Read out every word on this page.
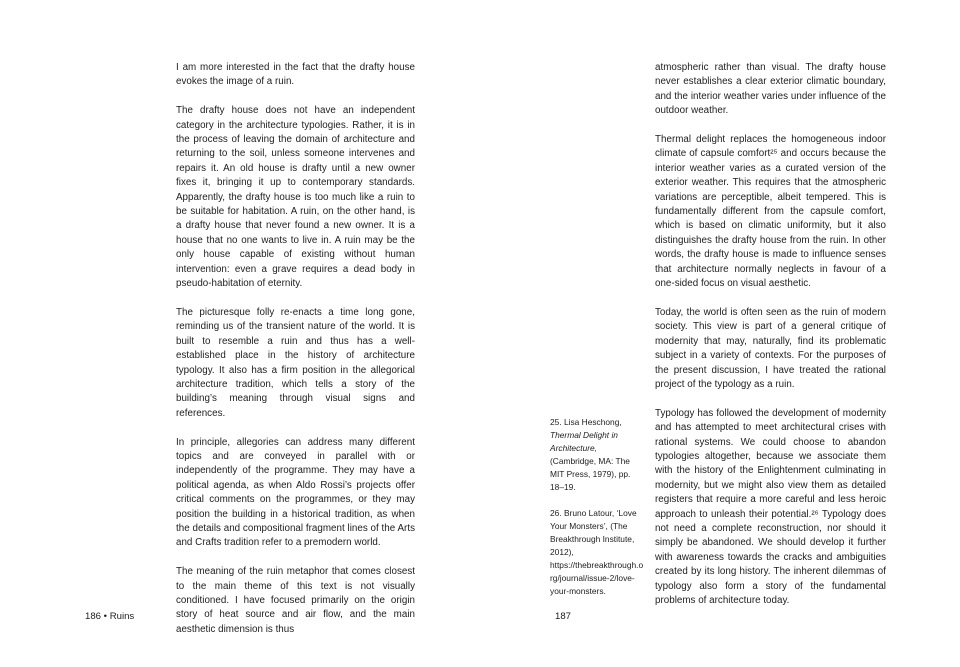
I am more interested in the fact that the drafty house evokes the image of a ruin.

The drafty house does not have an independent category in the architecture typologies. Rather, it is in the process of leaving the domain of architecture and returning to the soil, unless someone intervenes and repairs it. An old house is drafty until a new owner fixes it, bringing it up to contemporary standards. Apparently, the drafty house is too much like a ruin to be suitable for habitation. A ruin, on the other hand, is a drafty house that never found a new owner. It is a house that no one wants to live in. A ruin may be the only house capable of existing without human intervention: even a grave requires a dead body in pseudo-habitation of eternity.

The picturesque folly re-enacts a time long gone, reminding us of the transient nature of the world. It is built to resemble a ruin and thus has a well-established place in the history of architecture typology. It also has a firm position in the allegorical architecture tradition, which tells a story of the building’s meaning through visual signs and references.

In principle, allegories can address many different topics and are conveyed in parallel with or independently of the programme. They may have a political agenda, as when Aldo Rossi’s projects offer critical comments on the programmes, or they may position the building in a historical tradition, as when the details and compositional fragment lines of the Arts and Crafts tradition refer to a premodern world.

The meaning of the ruin metaphor that comes closest to the main theme of this text is not visually conditioned. I have focused primarily on the origin story of heat source and air flow, and the main aesthetic dimension is thus

186 • Ruins

25. Lisa Heschong, Thermal Delight in Architecture, (Cambridge, MA: The MIT Press, 1979), pp. 18–19.

26. Bruno Latour, ‘Love Your Monsters’, (The Breakthrough Institute, 2012), https://thebreakthrough.org/journal/issue-2/love-your-monsters.

atmospheric rather than visual. The drafty house never establishes a clear exterior climatic boundary, and the interior weather varies under influence of the outdoor weather.

Thermal delight replaces the homogeneous indoor climate of capsule comfort²⁵ and occurs because the interior weather varies as a curated version of the exterior weather. This requires that the atmospheric variations are perceptible, albeit tempered. This is fundamentally different from the capsule comfort, which is based on climatic uniformity, but it also distinguishes the drafty house from the ruin. In other words, the drafty house is made to influence senses that architecture normally neglects in favour of a one-sided focus on visual aesthetic.

Today, the world is often seen as the ruin of modern society. This view is part of a general critique of modernity that may, naturally, find its problematic subject in a variety of contexts. For the purposes of the present discussion, I have treated the rational project of the typology as a ruin.

Typology has followed the development of modernity and has attempted to meet architectural crises with rational systems. We could choose to abandon typologies altogether, because we associate them with the history of the Enlightenment culminating in modernity, but we might also view them as detailed registers that require a more careful and less heroic approach to unleash their potential.²⁶ Typology does not need a complete reconstruction, nor should it simply be abandoned. We should develop it further with awareness towards the cracks and ambiguities created by its long history. The inherent dilemmas of typology also form a story of the fundamental problems of architecture today.

187
